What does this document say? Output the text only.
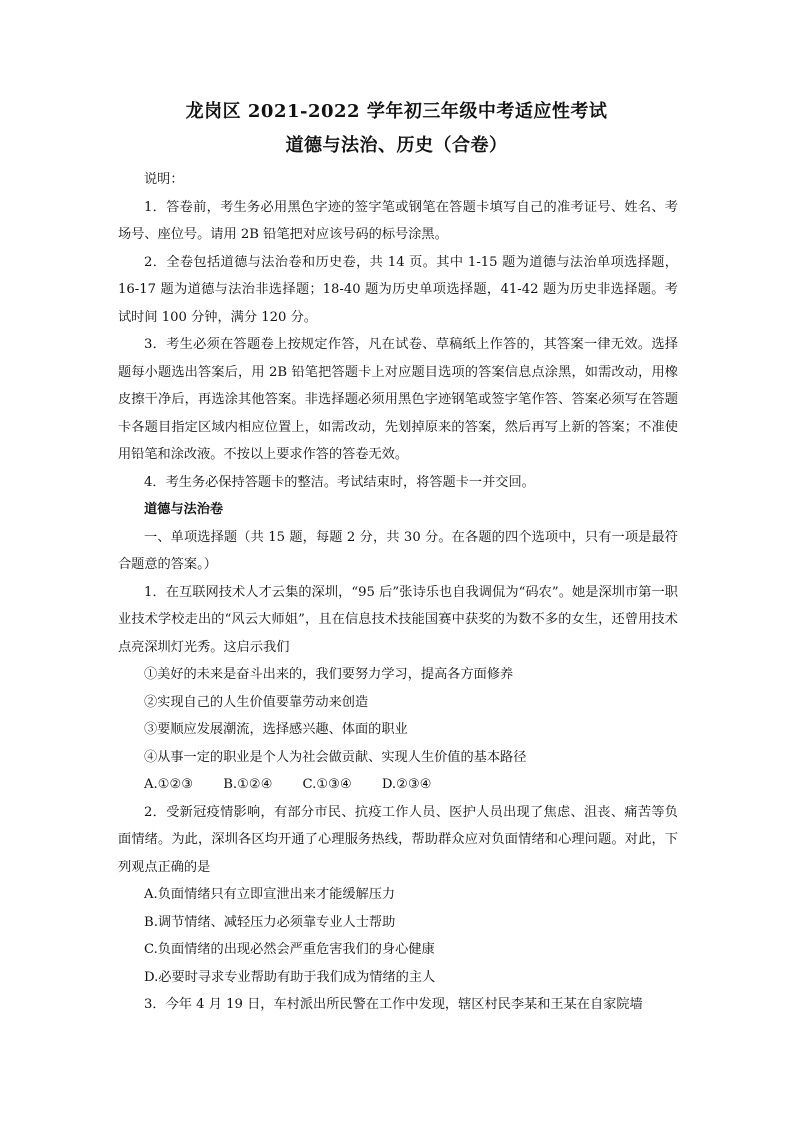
龙岗区 2021-2022 学年初三年级中考适应性考试
道德与法治、历史（合卷）

说明：

1．答卷前，考生务必用黑色字迹的签字笔或钢笔在答题卡填写自己的准考证号、姓名、考场号、座位号。请用 2B 铅笔把对应该号码的标号涂黑。

2．全卷包括道德与法治卷和历史卷，共 14 页。其中 1-15 题为道德与法治单项选择题，16-17 题为道德与法治非选择题；18-40 题为历史单项选择题，41-42 题为历史非选择题。考试时间 100 分钟，满分 120 分。

3．考生必须在答题卷上按规定作答，凡在试卷、草稿纸上作答的，其答案一律无效。选择题每小题选出答案后，用 2B 铅笔把答题卡上对应题目选项的答案信息点涂黑，如需改动，用橡皮擦干净后，再选涂其他答案。非选择题必须用黑色字迹钢笔或签字笔作答、答案必须写在答题卡各题目指定区域内相应位置上，如需改动，先划掉原来的答案，然后再写上新的答案；不准使用铅笔和涂改液。不按以上要求作答的答卷无效。

4．考生务必保持答题卡的整洁。考试结束时，将答题卡一并交回。

道德与法治卷

一、单项选择题（共 15 题，每题 2 分，共 30 分。在各题的四个选项中，只有一项是最符合题意的答案。）

1．在互联网技术人才云集的深圳，“95 后”张诗乐也自我调侃为“码农”。她是深圳市第一职业技术学校走出的“风云大师姐”，且在信息技术技能国赛中获奖的为数不多的女生，还曾用技术点亮深圳灯光秀。这启示我们

①美好的未来是奋斗出来的，我们要努力学习，提高各方面修养

②实现自己的人生价值要靠劳动来创造

③要顺应发展潮流，选择感兴趣、体面的职业

④从事一定的职业是个人为社会做贡献、实现人生价值的基本路径

A.①②③ B.①②④ C.①③④ D.②③④

2．受新冠疫情影响，有部分市民、抗疫工作人员、医护人员出现了焦虑、沮丧、痛苦等负面情绪。为此，深圳各区均开通了心理服务热线，帮助群众应对负面情绪和心理问题。对此，下列观点正确的是

A.负面情绪只有立即宣泄出来才能缓解压力

B.调节情绪、减轻压力必须靠专业人士帮助

C.负面情绪的出现必然会严重危害我们的身心健康

D.必要时寻求专业帮助有助于我们成为情绪的主人

3．今年 4 月 19 日，车村派出所民警在工作中发现，辖区村民李某和王某在自家院墙
